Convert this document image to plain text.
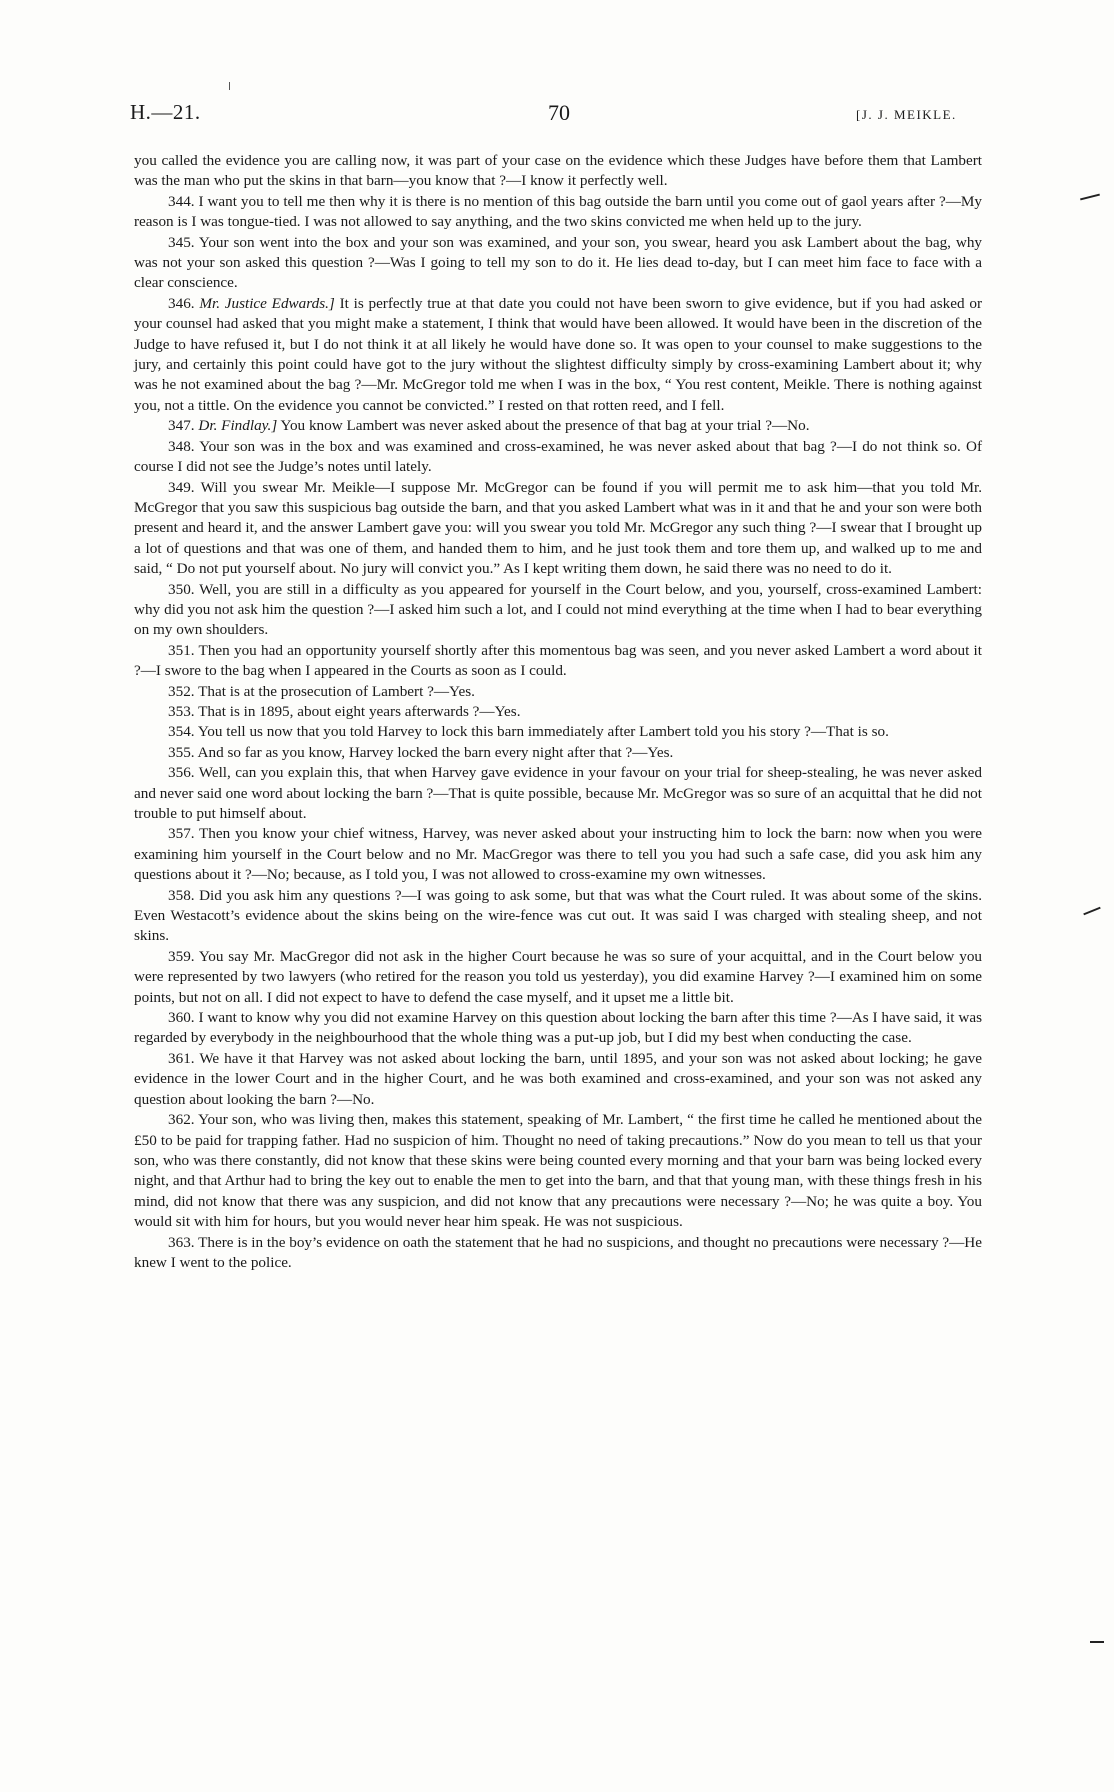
H.—21.	70	[J. J. MEIKLE.

you called the evidence you are calling now, it was part of your case on the evidence which these Judges have before them that Lambert was the man who put the skins in that barn—you know that ?—I know it perfectly well.

344. I want you to tell me then why it is there is no mention of this bag outside the barn until you come out of gaol years after ?—My reason is I was tongue-tied. I was not allowed to say anything, and the two skins convicted me when held up to the jury.

345. Your son went into the box and your son was examined, and your son, you swear, heard you ask Lambert about the bag, why was not your son asked this question ?—Was I going to tell my son to do it. He lies dead to-day, but I can meet him face to face with a clear conscience.

346. Mr. Justice Edwards.] It is perfectly true at that date you could not have been sworn to give evidence, but if you had asked or your counsel had asked that you might make a statement, I think that would have been allowed. It would have been in the discretion of the Judge to have refused it, but I do not think it at all likely he would have done so. It was open to your counsel to make suggestions to the jury, and certainly this point could have got to the jury without the slightest difficulty simply by cross-examining Lambert about it; why was he not examined about the bag ?—Mr. McGregor told me when I was in the box, “ You rest content, Meikle. There is nothing against you, not a tittle. On the evidence you cannot be convicted.” I rested on that rotten reed, and I fell.

347. Dr. Findlay.] You know Lambert was never asked about the presence of that bag at your trial ?—No.

348. Your son was in the box and was examined and cross-examined, he was never asked about that bag ?—I do not think so. Of course I did not see the Judge’s notes until lately.

349. Will you swear Mr. Meikle—I suppose Mr. McGregor can be found if you will permit me to ask him—that you told Mr. McGregor that you saw this suspicious bag outside the barn, and that you asked Lambert what was in it and that he and your son were both present and heard it, and the answer Lambert gave you: will you swear you told Mr. McGregor any such thing ?—I swear that I brought up a lot of questions and that was one of them, and handed them to him, and he just took them and tore them up, and walked up to me and said, “ Do not put yourself about. No jury will convict you.” As I kept writing them down, he said there was no need to do it.

350. Well, you are still in a difficulty as you appeared for yourself in the Court below, and you, yourself, cross-examined Lambert: why did you not ask him the question ?—I asked him such a lot, and I could not mind everything at the time when I had to bear everything on my own shoulders.

351. Then you had an opportunity yourself shortly after this momentous bag was seen, and you never asked Lambert a word about it ?—I swore to the bag when I appeared in the Courts as soon as I could.

352. That is at the prosecution of Lambert ?—Yes.

353. That is in 1895, about eight years afterwards ?—Yes.

354. You tell us now that you told Harvey to lock this barn immediately after Lambert told you his story ?—That is so.

355. And so far as you know, Harvey locked the barn every night after that ?—Yes.

356. Well, can you explain this, that when Harvey gave evidence in your favour on your trial for sheep-stealing, he was never asked and never said one word about locking the barn ?—That is quite possible, because Mr. McGregor was so sure of an acquittal that he did not trouble to put himself about.

357. Then you know your chief witness, Harvey, was never asked about your instructing him to lock the barn: now when you were examining him yourself in the Court below and no Mr. MacGregor was there to tell you you had such a safe case, did you ask him any questions about it ?—No; because, as I told you, I was not allowed to cross-examine my own witnesses.

358. Did you ask him any questions ?—I was going to ask some, but that was what the Court ruled. It was about some of the skins. Even Westacott’s evidence about the skins being on the wire-fence was cut out. It was said I was charged with stealing sheep, and not skins.

359. You say Mr. MacGregor did not ask in the higher Court because he was so sure of your acquittal, and in the Court below you were represented by two lawyers (who retired for the reason you told us yesterday), you did examine Harvey ?—I examined him on some points, but not on all. I did not expect to have to defend the case myself, and it upset me a little bit.

360. I want to know why you did not examine Harvey on this question about locking the barn after this time ?—As I have said, it was regarded by everybody in the neighbourhood that the whole thing was a put-up job, but I did my best when conducting the case.

361. We have it that Harvey was not asked about locking the barn, until 1895, and your son was not asked about locking; he gave evidence in the lower Court and in the higher Court, and he was both examined and cross-examined, and your son was not asked any question about looking the barn ?—No.

362. Your son, who was living then, makes this statement, speaking of Mr. Lambert, “ the first time he called he mentioned about the £50 to be paid for trapping father. Had no suspicion of him. Thought no need of taking precautions.” Now do you mean to tell us that your son, who was there constantly, did not know that these skins were being counted every morning and that your barn was being locked every night, and that Arthur had to bring the key out to enable the men to get into the barn, and that that young man, with these things fresh in his mind, did not know that there was any suspicion, and did not know that any precautions were necessary ?—No; he was quite a boy. You would sit with him for hours, but you would never hear him speak. He was not suspicious.

363. There is in the boy’s evidence on oath the statement that he had no suspicions, and thought no precautions were necessary ?—He knew I went to the police.
